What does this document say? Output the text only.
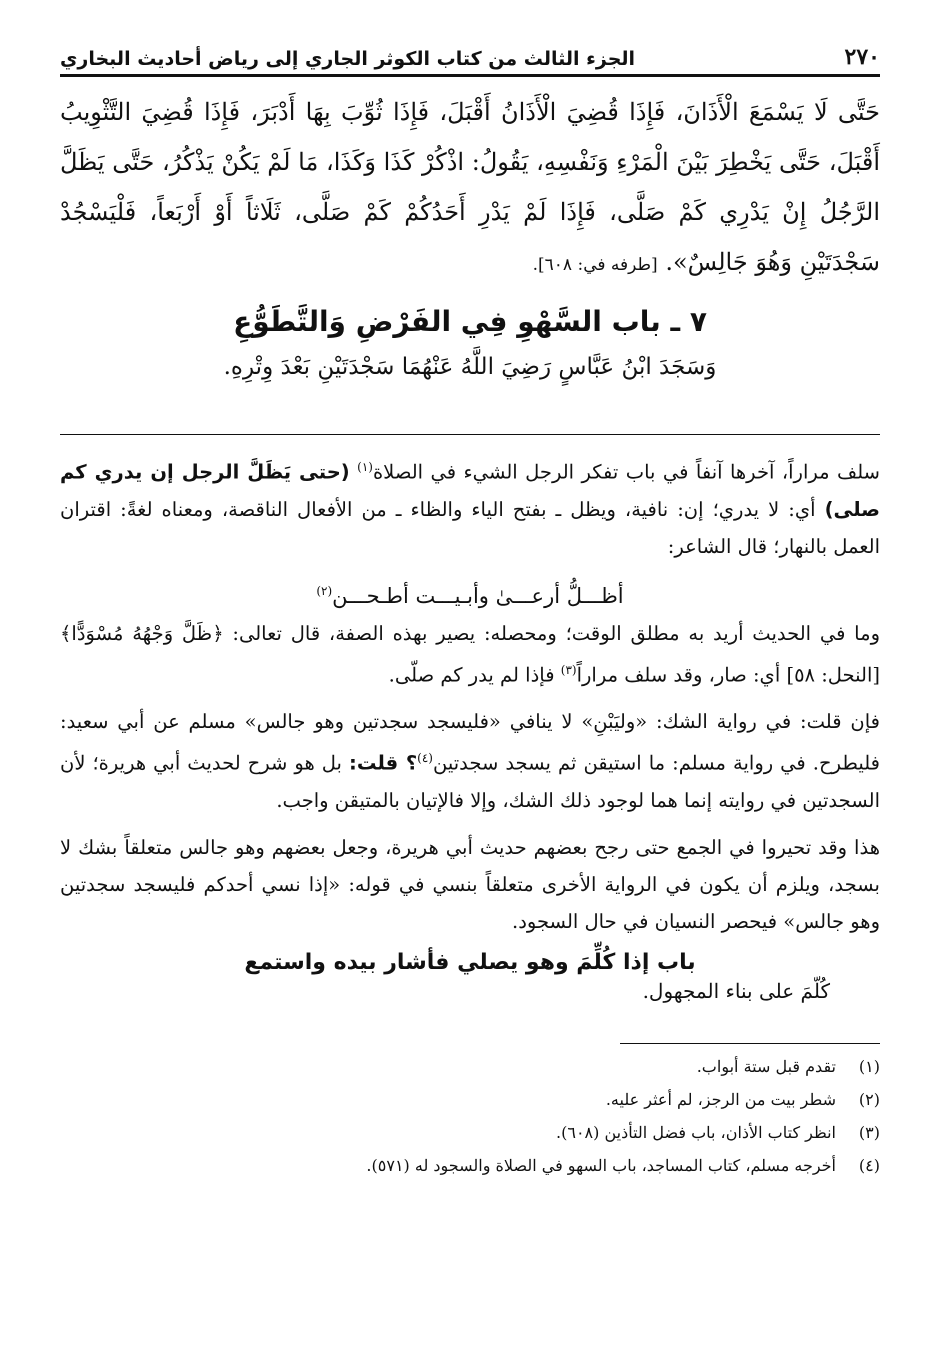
٢٧٠
الجزء الثالث من كتاب الكوثر الجاري إلى رياض أحاديث البخاري
حَتَّى لَا يَسْمَعَ الْأَذَانَ، فَإِذَا قُضِيَ الْأَذَانُ أَقْبَلَ، فَإِذَا ثُوِّبَ بِهَا أَدْبَرَ، فَإِذَا قُضِيَ التَّثْوِيبُ أَقْبَلَ، حَتَّى يَخْطِرَ بَيْنَ الْمَرْءِ وَنَفْسِهِ، يَقُولُ: اذْكُرْ كَذَا وَكَذَا، مَا لَمْ يَكُنْ يَذْكُرُ، حَتَّى يَظَلَّ الرَّجُلُ إِنْ يَدْرِي كَمْ صَلَّى، فَإِذَا لَمْ يَدْرِ أَحَدُكُمْ كَمْ صَلَّى، ثَلَاثاً أَوْ أَرْبَعاً، فَلْيَسْجُدْ سَجْدَتَيْنِ وَهُوَ جَالِسٌ». [طرفه في: ٦٠٨].
٧ ـ باب السَّهْوِ فِي الفَرْضِ وَالتَّطَوُّعِ
وَسَجَدَ ابْنُ عَبَّاسٍ رَضِيَ اللَّهُ عَنْهُمَا سَجْدَتَيْنِ بَعْدَ وِتْرِهِ.

سلف مراراً، آخرها آنفاً في باب تفكر الرجل الشيء في الصلاة$^{(١)}$ (حتى يَظَلَّ الرجل إن يدري كم صلى) أي: لا يدري؛ إن: نافية، ويظل ـ بفتح الياء والظاء ـ من الأفعال الناقصة، ومعناه لغةً: اقتران العمل بالنهار؛ قال الشاعر:

أظـــلُّ أرعـــىٰ وأبـيـــت أطـحـــن$^{(٢)}$

وما في الحديث أريد به مطلق الوقت؛ ومحصله: يصير بهذه الصفة، قال تعالى: ﴿ظَلَّ وَجْهُهُ مُسْوَدًّا﴾ [النحل: ٥٨] أي: صار، وقد سلف مراراً$^{(٣)}$ فإذا لم يدر كم صلّى.

فإن قلت: في رواية الشك: «وليَبْنِ» لا ينافي «فليسجد سجدتين وهو جالس» مسلم عن أبي سعيد: فليطرح. في رواية مسلم: ما استيقن ثم يسجد سجدتين$^{(٤)}$؟ قلت: بل هو شرح لحديث أبي هريرة؛ لأن السجدتين في روايته إنما هما لوجود ذلك الشك، وإلا فالإتيان بالمتيقن واجب.

هذا وقد تحيروا في الجمع حتى رجح بعضهم حديث أبي هريرة، وجعل بعضهم وهو جالس متعلقاً بشك لا بسجد، ويلزم أن يكون في الرواية الأخرى متعلقاً بنسي في قوله: «إذا نسي أحدكم فليسجد سجدتين وهو جالس» فيحصر النسيان في حال السجود.

باب إذا كُلِّمَ وهو يصلي فأشار بيده واستمع
كُلّمَ على بناء المجهول.
(١)
تقدم قبل ستة أبواب.
(٢)
شطر بيت من الرجز، لم أعثر عليه.
(٣)
انظر كتاب الأذان، باب فضل التأذين (٦٠٨).
(٤)
أخرجه مسلم، كتاب المساجد، باب السهو في الصلاة والسجود له (٥٧١).
